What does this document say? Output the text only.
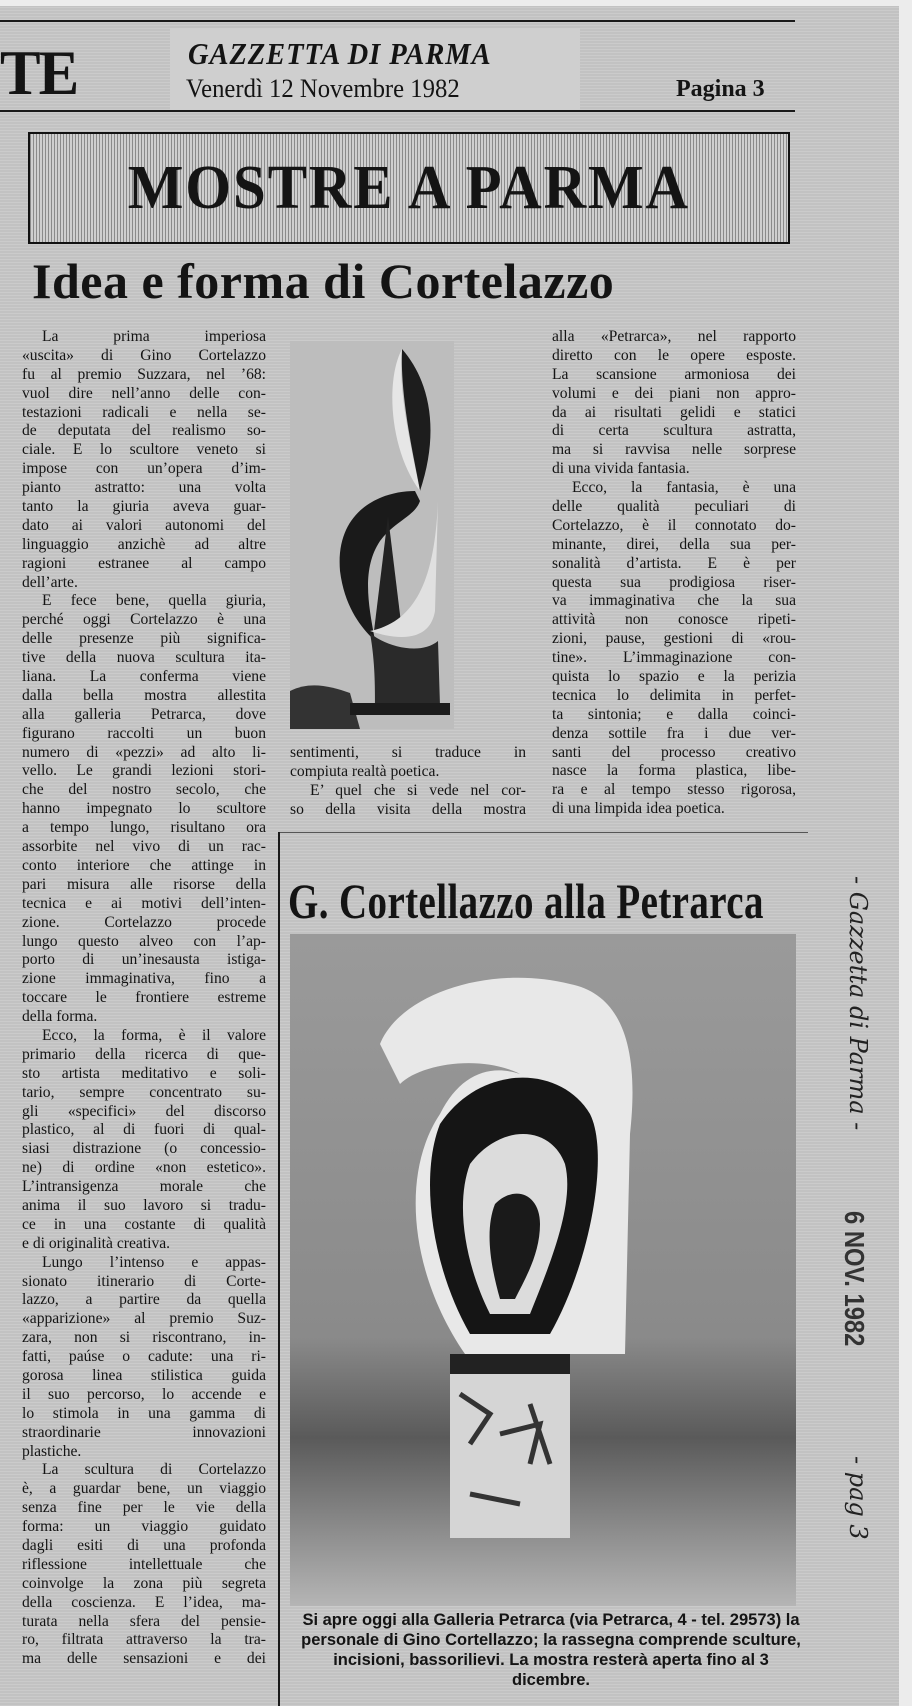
TE	GAZZETTA DI PARMA
Venerdì 12 Novembre 1982	Pagina 3
MOSTRE A PARMA
Idea e forma di Cortelazzo
La prima imperiosa
«uscita» di Gino Cortelazzo
fu al premio Suzzara, nel ’68:
vuol dire nell’anno delle con-
testazioni radicali e nella se-
de deputata del realismo so-
ciale. E lo scultore veneto si
impose con un’opera d’im-
pianto astratto: una volta
tanto la giuria aveva guar-
dato ai valori autonomi del
linguaggio anzichè ad altre
ragioni estranee al campo
dell’arte.
E fece bene, quella giuria,
perché oggi Cortelazzo è una
delle presenze più significa-
tive della nuova scultura ita-
liana. La conferma viene
dalla bella mostra allestita
alla galleria Petrarca, dove
figurano raccolti un buon
numero di «pezzi» ad alto li-
vello. Le grandi lezioni stori-
che del nostro secolo, che
hanno impegnato lo scultore
a tempo lungo, risultano ora
assorbite nel vivo di un rac-
conto interiore che attinge in
pari misura alle risorse della
tecnica e ai motivi dell’inten-
zione. Cortelazzo procede
lungo questo alveo con l’ap-
porto di un’inesausta istiga-
zione immaginativa, fino a
toccare le frontiere estreme
della forma.
Ecco, la forma, è il valore
primario della ricerca di que-
sto artista meditativo e soli-
tario, sempre concentrato su-
gli «specifici» del discorso
plastico, al di fuori di qual-
siasi distrazione (o concessio-
ne) di ordine «non estetico».
L’intransigenza morale che
anima il suo lavoro si tradu-
ce in una costante di qualità
e di originalità creativa.
Lungo l’intenso e appas-
sionato itinerario di Corte-
lazzo, a partire da quella
«apparizione» al premio Suz-
zara, non si riscontrano, in-
fatti, paúse o cadute: una ri-
gorosa linea stilistica guida
il suo percorso, lo accende e
lo stimola in una gamma di
straordinarie innovazioni
plastiche.
La scultura di Cortelazzo
è, a guardar bene, un viaggio
senza fine per le vie della
forma: un viaggio guidato
dagli esiti di una profonda
riflessione intellettuale che
coinvolge la zona più segreta
della coscienza. E l’idea, ma-
turata nella sfera del pensie-
ro, filtrata attraverso la tra-
ma delle sensazioni e dei
sentimenti, si traduce in
compiuta realtà poetica.
E’ quel che si vede nel cor-
so della visita della mostra
alla «Petrarca», nel rapporto
diretto con le opere esposte.
La scansione armoniosa dei
volumi e dei piani non appro-
da ai risultati gelidi e statici
di certa scultura astratta,
ma si ravvisa nelle sorprese
di una vivida fantasia.
Ecco, la fantasia, è una
delle qualità peculiari di
Cortelazzo, è il connotato do-
minante, direi, della sua per-
sonalità d’artista. E è per
questa sua prodigiosa riser-
va immaginativa che la sua
attività non conosce ripeti-
zioni, pause, gestioni di «rou-
tine». L’immaginazione con-
quista lo spazio e la perizia
tecnica lo delimita in perfet-
ta sintonia; e dalla coinci-
denza sottile fra i due ver-
santi del processo creativo
nasce la forma plastica, libe-
ra e al tempo stesso rigorosa,
di una limpida idea poetica.
G. Cortellazzo alla Petrarca
Si apre oggi alla Galleria Petrarca (via Petrarca, 4 - tel. 29573) la personale di Gino Cortellazzo; la rassegna comprende sculture, incisioni, bassorilievi. La mostra resterà aperta fino al 3 dicembre.
- Gazzetta di Parma -
6 NOV. 1982
- pag 3
